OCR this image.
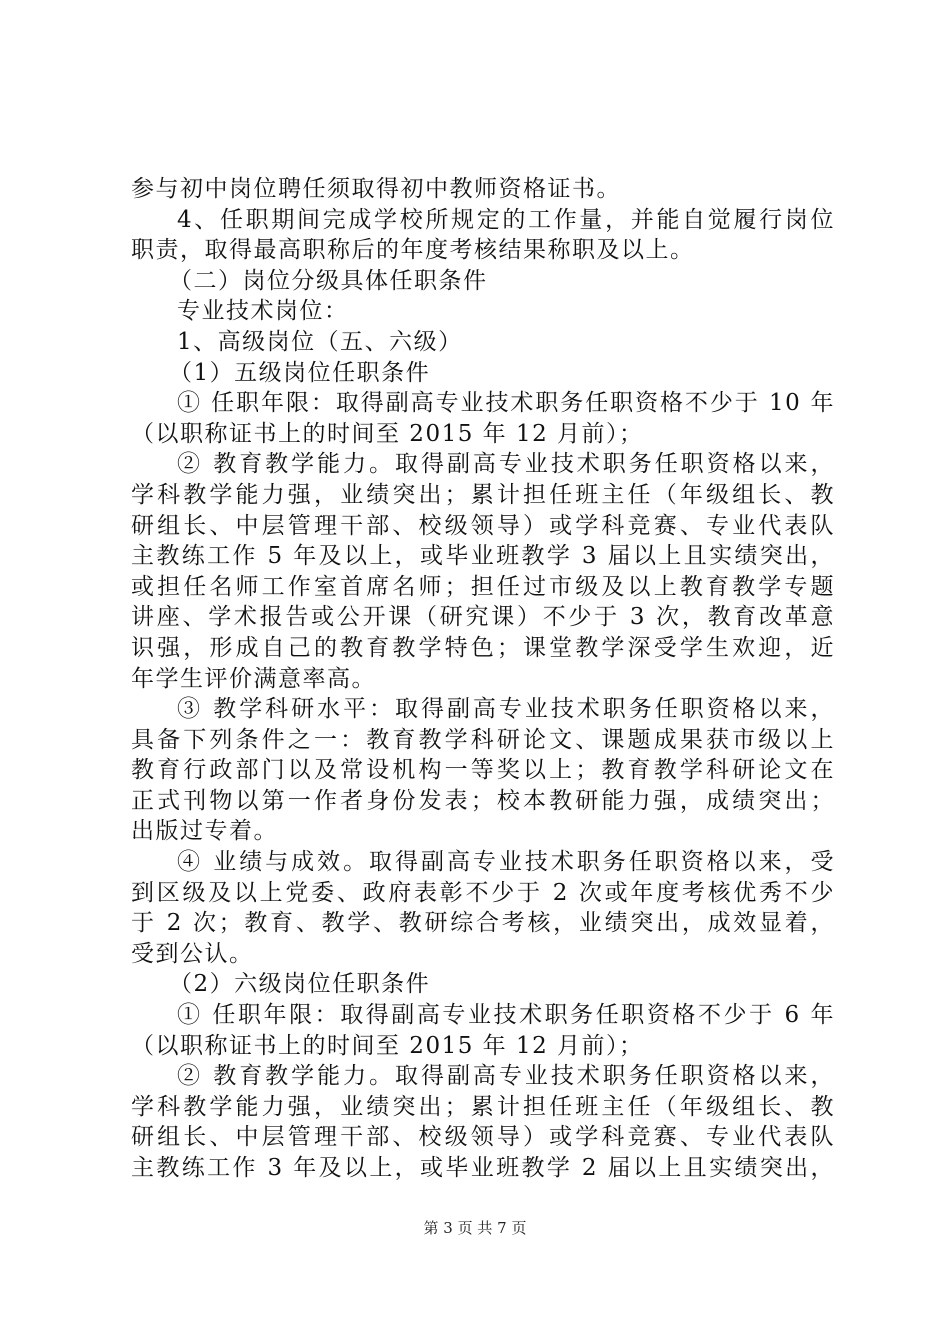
参与初中岗位聘任须取得初中教师资格证书。
4、任职期间完成学校所规定的工作量，并能自觉履行岗位
职责，取得最高职称后的年度考核结果称职及以上。
（二）岗位分级具体任职条件
专业技术岗位：
1、高级岗位（五、六级）
（1）五级岗位任职条件
① 任职年限：取得副高专业技术职务任职资格不少于 10 年
（以职称证书上的时间至 2015 年 12 月前）；
② 教育教学能力。取得副高专业技术职务任职资格以来，
学科教学能力强，业绩突出；累计担任班主任（年级组长、教
研组长、中层管理干部、校级领导）或学科竞赛、专业代表队
主教练工作 5 年及以上，或毕业班教学 3 届以上且实绩突出，
或担任名师工作室首席名师；担任过市级及以上教育教学专题
讲座、学术报告或公开课（研究课）不少于 3 次，教育改革意
识强，形成自己的教育教学特色；课堂教学深受学生欢迎，近
年学生评价满意率高。
③ 教学科研水平：取得副高专业技术职务任职资格以来，
具备下列条件之一：教育教学科研论文、课题成果获市级以上
教育行政部门以及常设机构一等奖以上；教育教学科研论文在
正式刊物以第一作者身份发表；校本教研能力强，成绩突出；
出版过专着。
④ 业绩与成效。取得副高专业技术职务任职资格以来，受
到区级及以上党委、政府表彰不少于 2 次或年度考核优秀不少
于 2 次；教育、教学、教研综合考核，业绩突出，成效显着，
受到公认。
（2）六级岗位任职条件
① 任职年限：取得副高专业技术职务任职资格不少于 6 年
（以职称证书上的时间至 2015 年 12 月前）；
② 教育教学能力。取得副高专业技术职务任职资格以来，
学科教学能力强，业绩突出；累计担任班主任（年级组长、教
研组长、中层管理干部、校级领导）或学科竞赛、专业代表队
主教练工作 3 年及以上，或毕业班教学 2 届以上且实绩突出，
第 3 页 共 7 页
